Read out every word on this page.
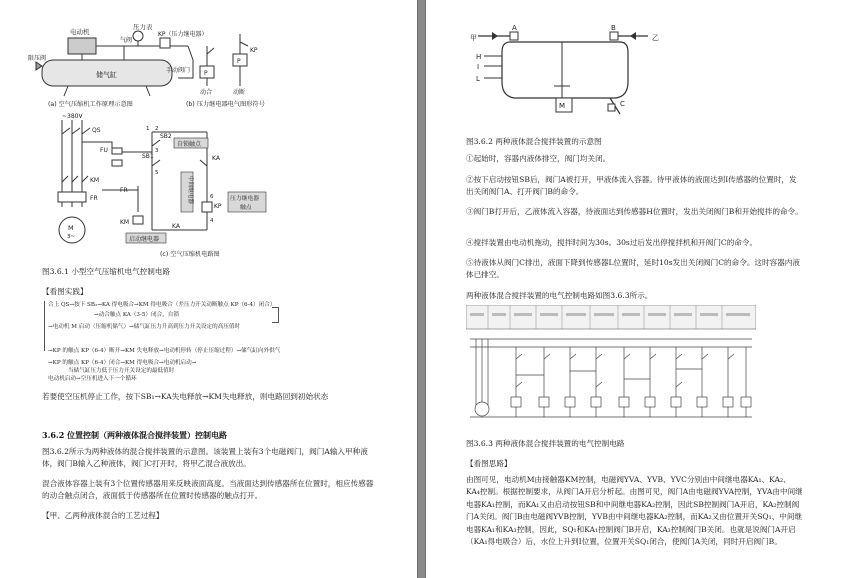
电动机
压力表
气阀
KP（压力继电器）
限压阀
储气缸
手动阀门
KP
P
P
动合	动断
(a) 空气压缩机工作原理示意图	(b) 压力继电器电气图形符号
自锁触点
中间继电器	压力继电器
触点
启动继电器
~380V
QS
FU
KM
FR
M
3~
SB2
SB1	KA
KP
6
5
4
3
2
1
FR
KM
KA
(c) 空气压缩机电路图
图3.6.1 小型空气压缩机电气控制电路
【看图实践】
合上 QS→按下 SB₂→KA 得电吸合→KM 得电吸合（差压力开关动断触点 KP（6-4）闭合）
→动合触点 KA（3-5）闭合，自锁
→电动机 M 启动（压缩机储气）→储气缸压力升高到压力开关设定的高压值时
→KP 的触点 KP（6-4）断开→KM 失电释放→电动机停转（停止压缩过程）→储气缸向外供气
→KP 的触点 KP（6-4）闭合→KM 得电吸合→电动机启动→
当储气缸压力低于压力开关设定的最低值时
电动机启动→空压机进入下一个循环
若要使空压机停止工作，按下SB₁→KA失电释放→KM失电释放，则电路回到初始状态
3.6.2 位置控制（两种液体混合搅拌装置）控制电路
图3.6.2所示为两种液体的混合搅拌装置的示意图。该装置上装有3个电磁阀门，阀门A输入甲种液体，阀门B输入乙种液体，阀门C打开时，将甲乙混合液放出。
混合液体容器上装有3个位置传感器用来反映液面高度。当液面达到传感器所在位置时，相应传感器的动合触点闭合，液面低于传感器所在位置时传感器的触点打开。
【甲、乙两种液体混合的工艺过程】
A	B
甲	乙
H
I
L
M	C
图3.6.2 两种液体混合搅拌装置的示意图
①起始时，容器内液体排空，阀门均关闭。
②按下启动按钮SB后，阀门A被打开，甲液体流入容器。待甲液体的液面达到Ⅰ传感器的位置时，发出关闭阀门A、打开阀门B的命令。
③阀门B打开后，乙液体流入容器，待液面达到传感器H位置时，发出关闭阀门B和开始搅拌的命令。
④搅拌装置由电动机拖动，搅拌时间为30s。30s过后发出停搅拌机和开阀门C的命令。
⑤待液体从阀门C排出，液面下降到传感器L位置时，延时10s发出关闭阀门C的命令。这时容器内液体已排空。
两种液体混合搅拌装置的电气控制电路如图3.6.3所示。
图3.6.3 两种液体混合搅拌装置的电气控制电路
【看图思路】
由图可见，电动机M由接触器KM控制，电磁阀YVA、YVB、YVC分别由中间继电器KA₁、KA₂、KA₄控制。根据控制要求，从阀门A开启分析起。由图可见，阀门A由电磁阀YVA控制，YVA由中间继电器KA₁控制，而KA₁又由启动按钮SB和中间继电器KA₂控制，因此SB控制阀门A开启，KA₂控制阀门A关闭。阀门B由电磁阀YVB控制，YVB由中间继电器KA₂控制，而KA₂又由位置开关SQ₁、中间继电器KA₁和KA₃控制，因此，SQ₁和KA₁控制阀门B开启，KA₃控制阀门B关闭。也就是说阀门A开启（KA₁得电吸合）后，水位上升到Ⅰ位置，位置开关SQ₁闭合，使阀门A关闭，同时开启阀门B。
